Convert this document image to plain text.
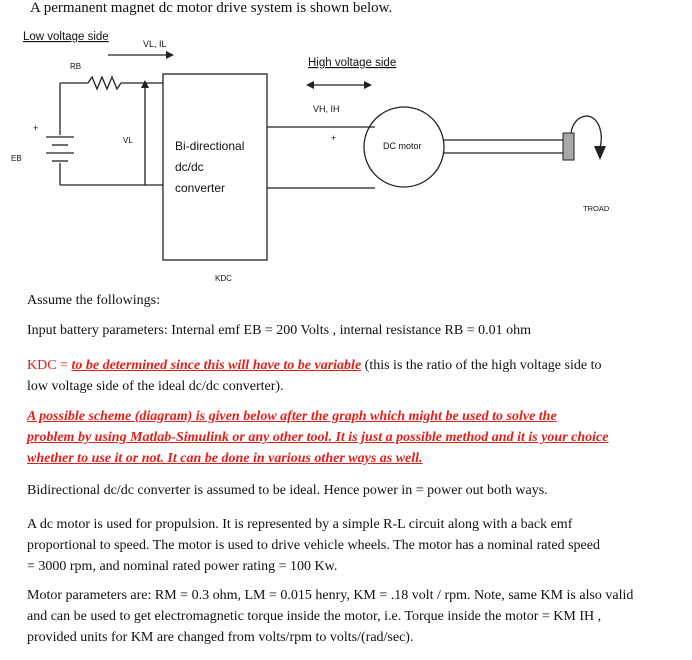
A permanent magnet dc motor drive system is shown below.
Low voltage side
VL, IL
RB	High voltage side
VH, IH
VL
+
+
EB
Bi-directional
dc/dc
converter
DC motor
TROAD
KDC
Assume the followings:
Input battery parameters: Internal emf EB = 200 Volts , internal resistance RB = 0.01 ohm
KDC = to be determined since this will have to be variable (this is the ratio of the high voltage side to
low voltage side of the ideal dc/dc converter).
A possible scheme (diagram) is given below after the graph which might be used to solve the
problem by using Matlab-Simulink or any other tool. It is just a possible method and it is your choice
whether to use it or not. It can be done in various other ways as well.
Bidirectional dc/dc converter is assumed to be ideal. Hence power in = power out both ways.
A dc motor is used for propulsion. It is represented by a simple R-L circuit along with a back emf
proportional to speed. The motor is used to drive vehicle wheels. The motor has a nominal rated speed
= 3000 rpm, and nominal rated power rating = 100 Kw.
Motor parameters are: RM = 0.3 ohm, LM = 0.015 henry, KM = .18 volt / rpm. Note, same KM is also valid
and can be used to get electromagnetic torque inside the motor, i.e. Torque inside the motor = KM IH ,
provided units for KM are changed from volts/rpm to volts/(rad/sec).
